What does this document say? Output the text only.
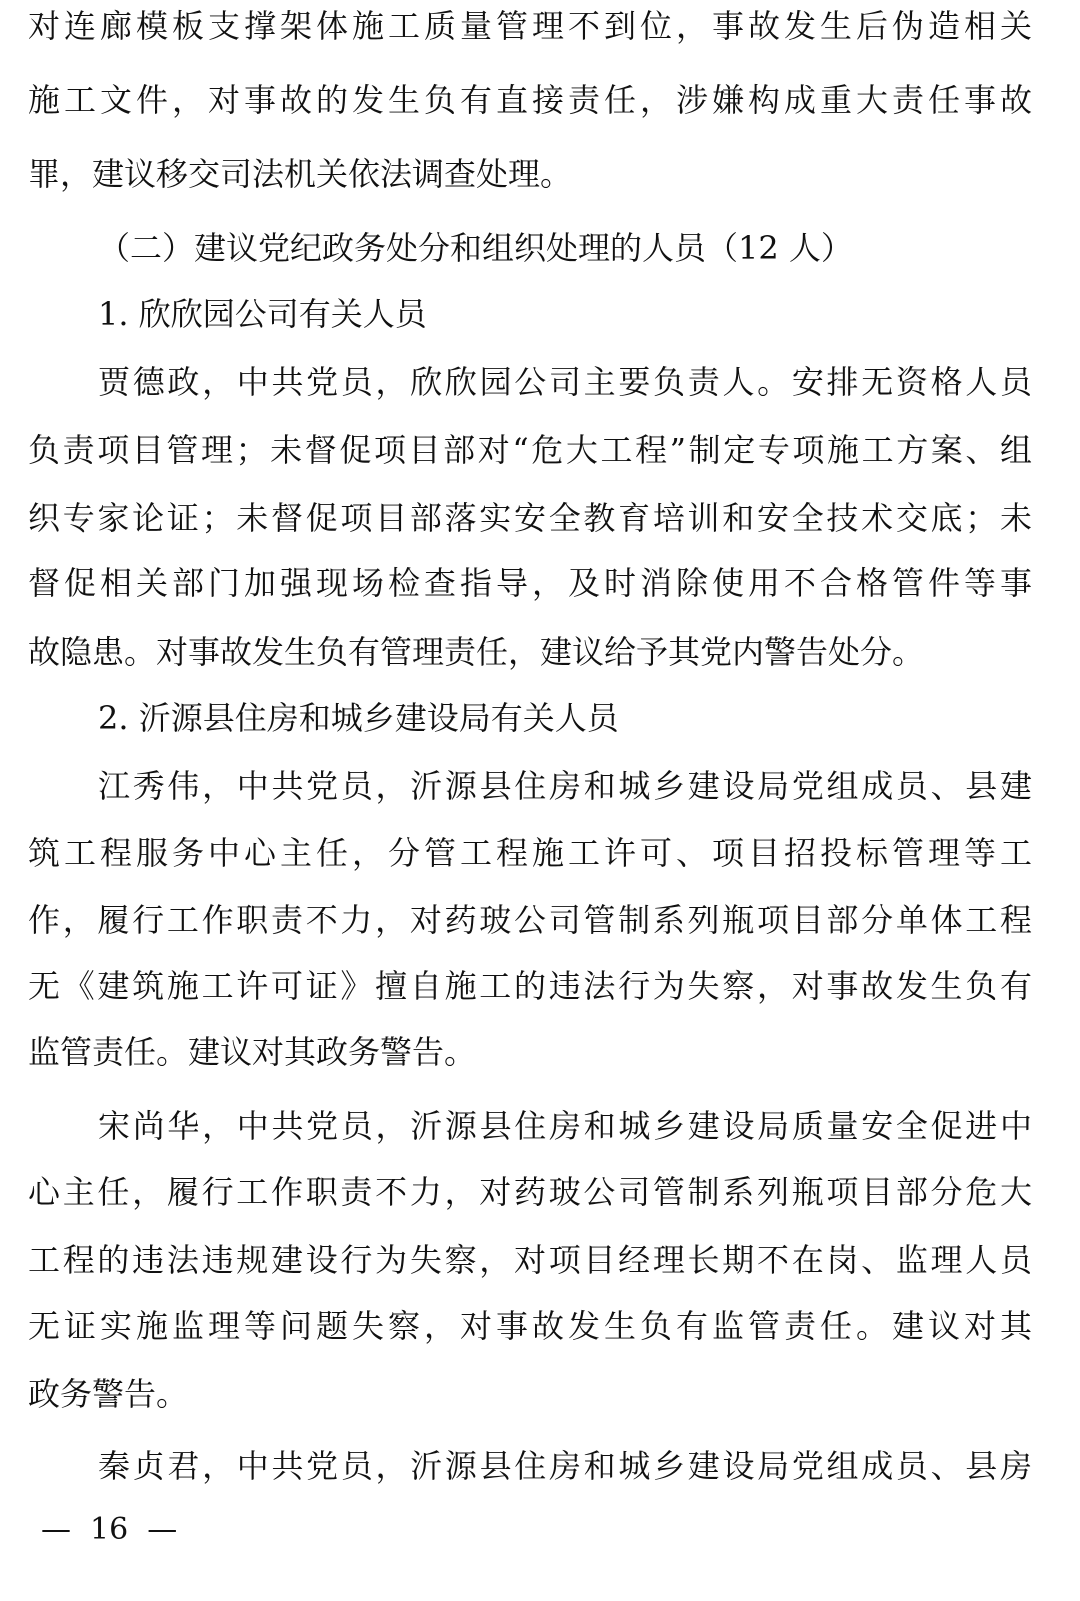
对连廊模板支撑架体施工质量管理不到位，事故发生后伪造相关
施工文件，对事故的发生负有直接责任，涉嫌构成重大责任事故
罪，建议移交司法机关依法调查处理。
（二）建议党纪政务处分和组织处理的人员（12 人）
1. 欣欣园公司有关人员
贾德政，中共党员，欣欣园公司主要负责人。安排无资格人员
负责项目管理；未督促项目部对“危大工程”制定专项施工方案、组
织专家论证；未督促项目部落实安全教育培训和安全技术交底；未
督促相关部门加强现场检查指导，及时消除使用不合格管件等事
故隐患。对事故发生负有管理责任，建议给予其党内警告处分。
2. 沂源县住房和城乡建设局有关人员
江秀伟，中共党员，沂源县住房和城乡建设局党组成员、县建
筑工程服务中心主任，分管工程施工许可、项目招投标管理等工
作，履行工作职责不力，对药玻公司管制系列瓶项目部分单体工程
无《建筑施工许可证》擅自施工的违法行为失察，对事故发生负有
监管责任。建议对其政务警告。
宋尚华，中共党员，沂源县住房和城乡建设局质量安全促进中
心主任，履行工作职责不力，对药玻公司管制系列瓶项目部分危大
工程的违法违规建设行为失察，对项目经理长期不在岗、监理人员
无证实施监理等问题失察，对事故发生负有监管责任。建议对其
政务警告。
秦贞君，中共党员，沂源县住房和城乡建设局党组成员、县房
— 16 —
